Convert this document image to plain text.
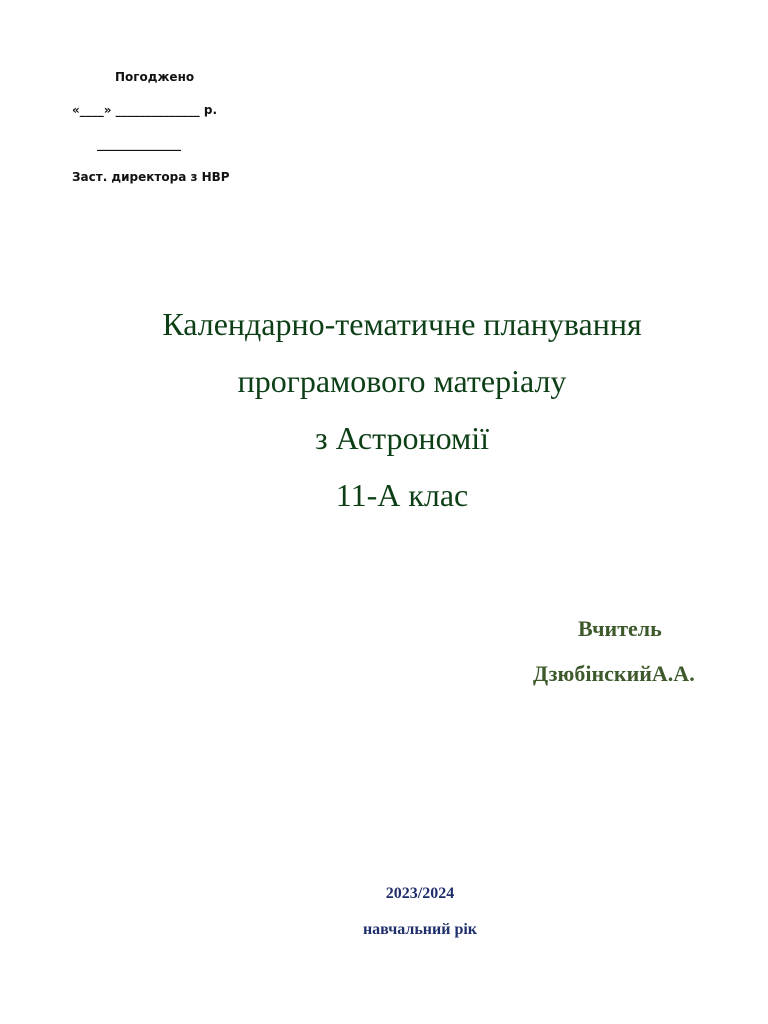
Погоджено
«____» ______________ р.
______________
Заст. директора з НВР
Календарно-тематичне планування
програмового матеріалу
з Астрономії
11-А клас
Вчитель
ДзюбінскийА.А.
2023/2024
навчальний рік
